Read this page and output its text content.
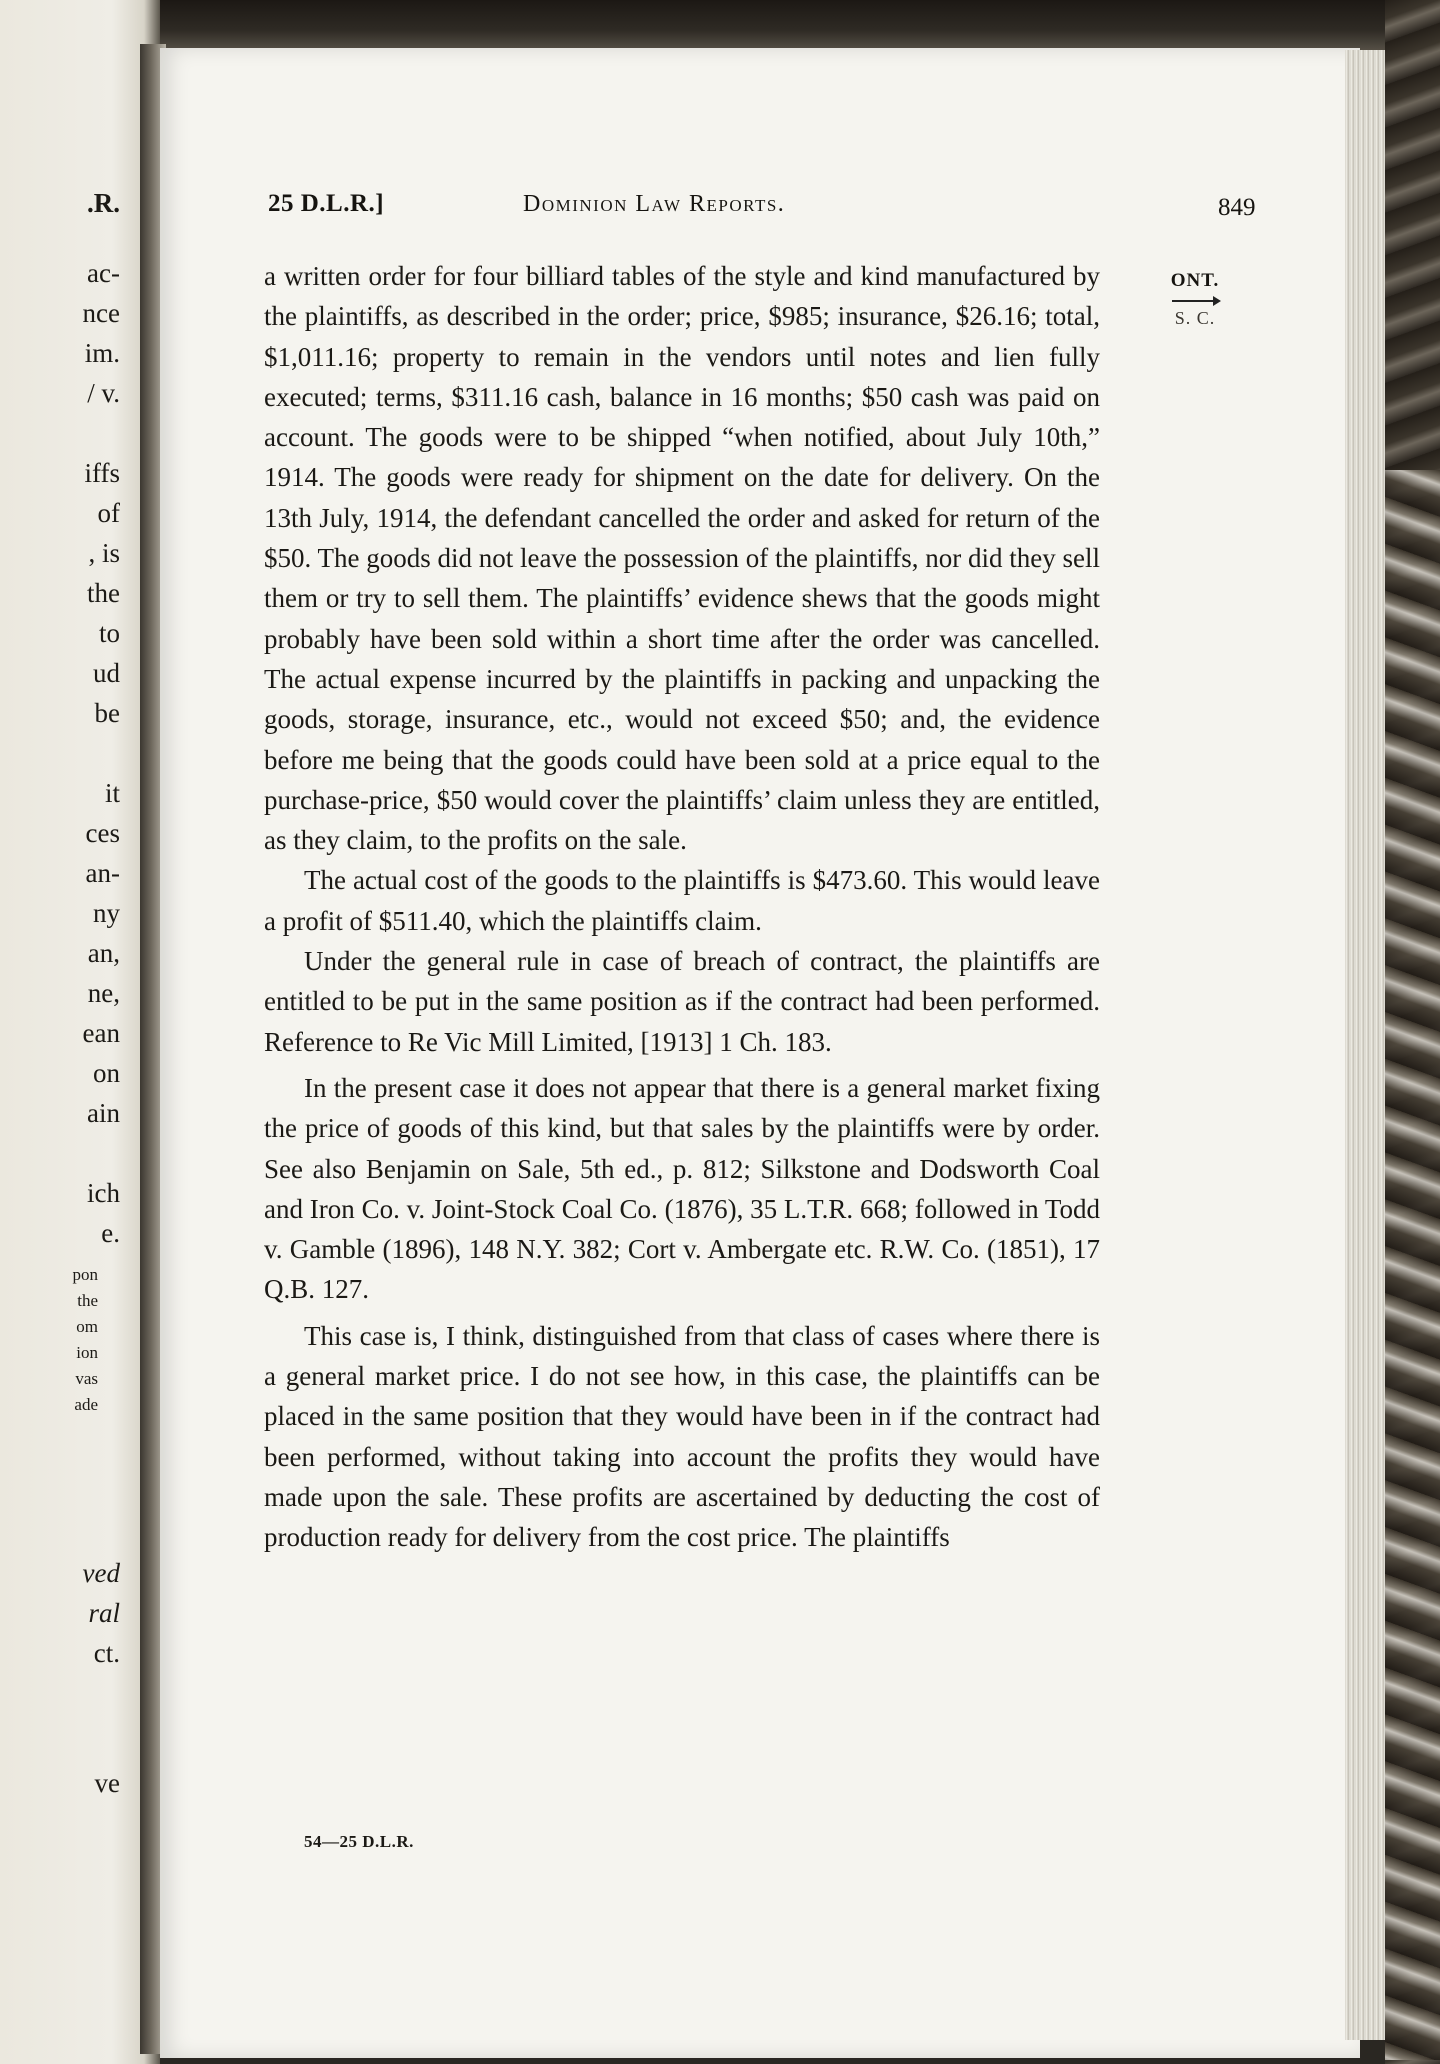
.R.
ac-
nce
im.
/ v.
iffs
of
, is
the
to
ud
be
it
ces
an-
ny
an,
ne,
ean
on
ain
ich
e.
pon
the
om
ion
vas
ade
ved
ral
ct.
ve
25 D.L.R.]	Dominion Law Reports.	849
ONT.
S. C.

a written order for four billiard tables of the style and kind manufactured by the plaintiffs, as described in the order; price, $985; insurance, $26.16; total, $1,011.16; property to remain in the vendors until notes and lien fully executed; terms, $311.16 cash, balance in 16 months; $50 cash was paid on account. The goods were to be shipped “when notified, about July 10th,” 1914. The goods were ready for shipment on the date for delivery. On the 13th July, 1914, the defendant cancelled the order and asked for return of the $50. The goods did not leave the possession of the plaintiffs, nor did they sell them or try to sell them. The plaintiffs’ evidence shews that the goods might probably have been sold within a short time after the order was cancelled. The actual expense incurred by the plaintiffs in packing and unpacking the goods, storage, insurance, etc., would not exceed $50; and, the evidence before me being that the goods could have been sold at a price equal to the purchase-price, $50 would cover the plaintiffs’ claim unless they are entitled, as they claim, to the profits on the sale.

The actual cost of the goods to the plaintiffs is $473.60. This would leave a profit of $511.40, which the plaintiffs claim.

Under the general rule in case of breach of contract, the plaintiffs are entitled to be put in the same position as if the contract had been performed. Reference to Re Vic Mill Limited, [1913] 1 Ch. 183.

In the present case it does not appear that there is a general market fixing the price of goods of this kind, but that sales by the plaintiffs were by order. See also Benjamin on Sale, 5th ed., p. 812; Silkstone and Dodsworth Coal and Iron Co. v. Joint-Stock Coal Co. (1876), 35 L.T.R. 668; followed in Todd v. Gamble (1896), 148 N.Y. 382; Cort v. Ambergate etc. R.W. Co. (1851), 17 Q.B. 127.

This case is, I think, distinguished from that class of cases where there is a general market price. I do not see how, in this case, the plaintiffs can be placed in the same position that they would have been in if the contract had been performed, without taking into account the profits they would have made upon the sale. These profits are ascertained by deducting the cost of production ready for delivery from the cost price. The plaintiffs

54—25 D.L.R.
